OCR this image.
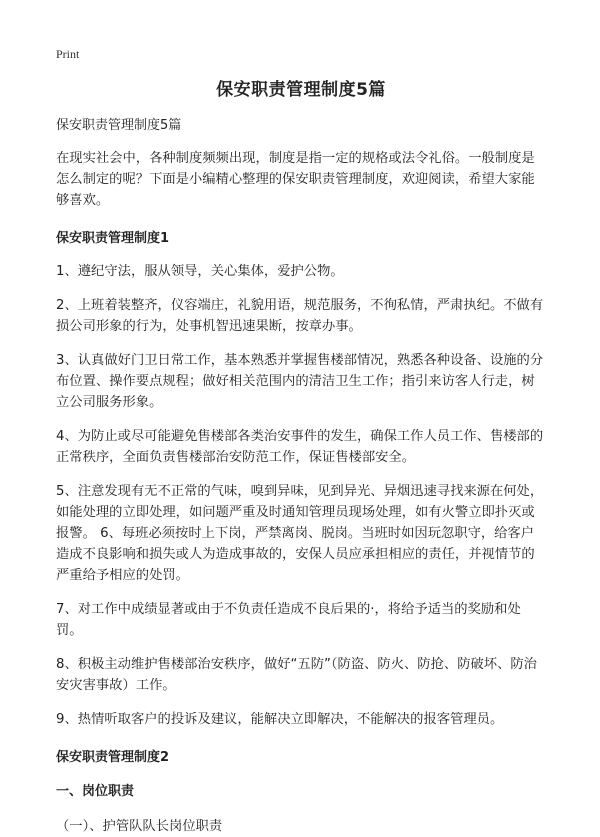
Print
保安职责管理制度5篇

保安职责管理制度5篇

在现实社会中，各种制度频频出现，制度是指一定的规格或法令礼俗。一般制度是怎么制定的呢？下面是小编精心整理的保安职责管理制度，欢迎阅读，希望大家能够喜欢。

保安职责管理制度1

1、遵纪守法，服从领导，关心集体，爱护公物。

2、上班着装整齐，仪容端庄，礼貌用语，规范服务，不徇私情，严肃执纪。不做有损公司形象的行为，处事机智迅速果断，按章办事。

3、认真做好门卫日常工作，基本熟悉并掌握售楼部情况，熟悉各种设备、设施的分布位置、操作要点规程；做好相关范围内的清洁卫生工作；指引来访客人行走，树立公司服务形象。

4、为防止或尽可能避免售楼部各类治安事件的发生，确保工作人员工作、售楼部的正常秩序，全面负责售楼部治安防范工作，保证售楼部安全。

5、注意发现有无不正常的气味，嗅到异味，见到异光、异烟迅速寻找来源在何处，如能处理的立即处理，如问题严重及时通知管理员现场处理，如有火警立即扑灭或报警。 6、每班必须按时上下岗，严禁离岗、脱岗。当班时如因玩忽职守，给客户造成不良影响和损失或人为造成事故的，安保人员应承担相应的责任，并视情节的严重给予相应的处罚。

7、对工作中成绩显著或由于不负责任造成不良后果的·，将给予适当的奖励和处罚。

8、积极主动维护售楼部治安秩序，做好“五防”（防盗、防火、防抢、防破坏、防治安灾害事故）工作。

9、热情听取客户的投诉及建议，能解决立即解决，不能解决的报客管理员。

保安职责管理制度2
一、岗位职责

（一）、护管队队长岗位职责
